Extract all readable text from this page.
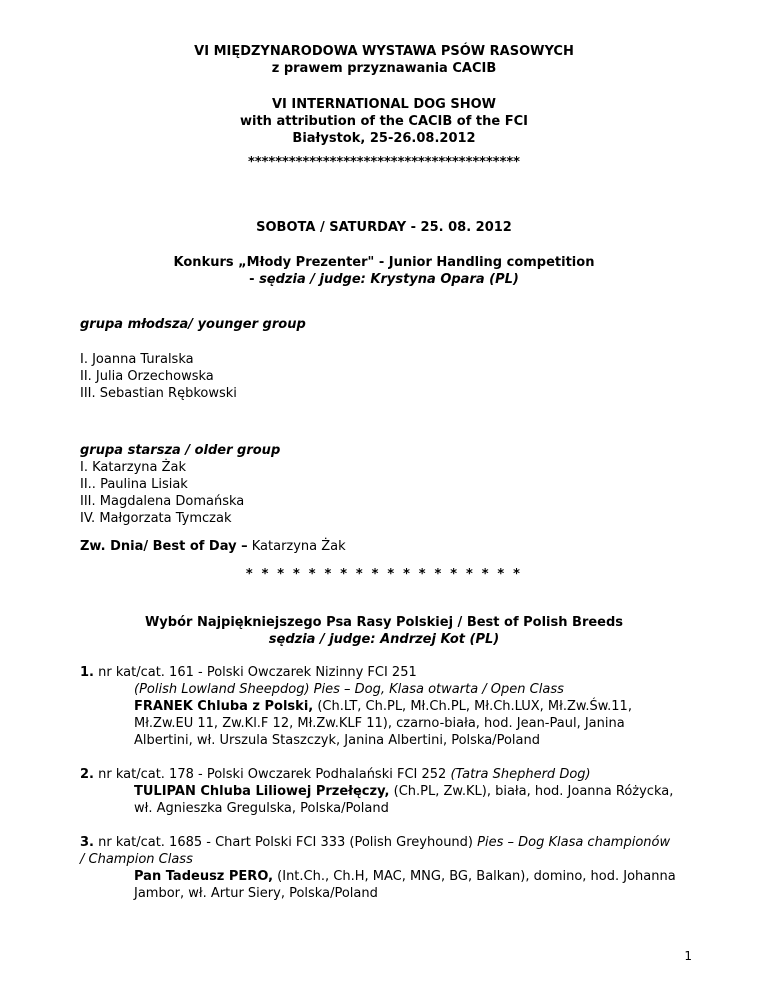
VI MIĘDZYNARODOWA WYSTAWA PSÓW RASOWYCH
z prawem przyznawania CACIB
VI INTERNATIONAL DOG SHOW
with attribution of the CACIB of the FCI
Białystok, 25-26.08.2012
****************************************
SOBOTA / SATURDAY - 25. 08. 2012
Konkurs „Młody Prezenter" - Junior Handling competition
- sędzia / judge: Krystyna Opara (PL)
grupa młodsza/ younger group
I. Joanna Turalska
II. Julia Orzechowska
III. Sebastian Rębkowski
grupa starsza / older group
I. Katarzyna Żak
II.. Paulina Lisiak
III. Magdalena Domańska
IV. Małgorzata Tymczak
Zw. Dnia/ Best of Day – Katarzyna Żak
* * * * * * * * * * * * * * * * * *
Wybór Najpiękniejszego Psa Rasy Polskiej / Best of Polish Breeds
sędzia / judge: Andrzej Kot (PL)
1. nr kat/cat. 161 - Polski Owczarek Nizinny FCI 251
(Polish Lowland Sheepdog) Pies – Dog, Klasa otwarta / Open Class
FRANEK Chluba z Polski, (Ch.LT, Ch.PL, Mł.Ch.PL, Mł.Ch.LUX, Mł.Zw.Św.11,
Mł.Zw.EU 11, Zw.Kl.F 12, Mł.Zw.KLF 11), czarno-biała, hod. Jean-Paul, Janina
Albertini, wł. Urszula Staszczyk, Janina Albertini, Polska/Poland
2. nr kat/cat. 178 - Polski Owczarek Podhalański FCI 252 (Tatra Shepherd Dog)
TULIPAN Chluba Liliowej Przełęczy, (Ch.PL, Zw.KL), biała, hod. Joanna Różycka,
wł. Agnieszka Gregulska, Polska/Poland
3. nr kat/cat. 1685 - Chart Polski FCI 333 (Polish Greyhound) Pies – Dog Klasa championów
/ Champion Class
Pan Tadeusz PERO, (Int.Ch., Ch.H, MAC, MNG, BG, Balkan), domino, hod. Johanna
Jambor, wł. Artur Siery, Polska/Poland
1
